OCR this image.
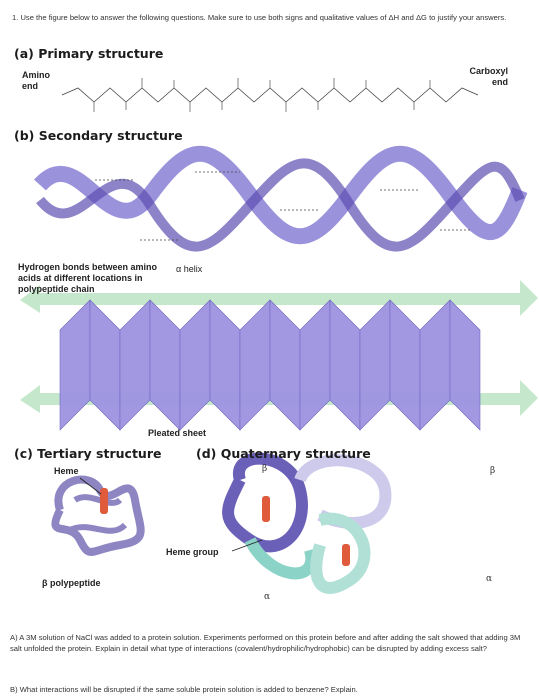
1. Use the figure below to answer the following questions. Make sure to use both signs and qualitative values of ΔH and ΔG to justify your answers.
(a) Primary structure
Amino end
Carboxyl end
(b) Secondary structure
Hydrogen bonds between amino acids at different locations in polypeptide chain
α helix
Pleated sheet
(c) Tertiary structure
Heme
β polypeptide
(d) Quaternary structure
β	β
Heme group
α
α
A) A 3M solution of NaCl was added to a protein solution. Experiments performed on this protein before and after adding the salt showed that adding 3M salt unfolded the protein. Explain in detail what type of interactions (covalent/hydrophilic/hydrophobic) can be disrupted by adding excess salt?
B) What interactions will be disrupted if the same soluble protein solution is added to benzene? Explain.
